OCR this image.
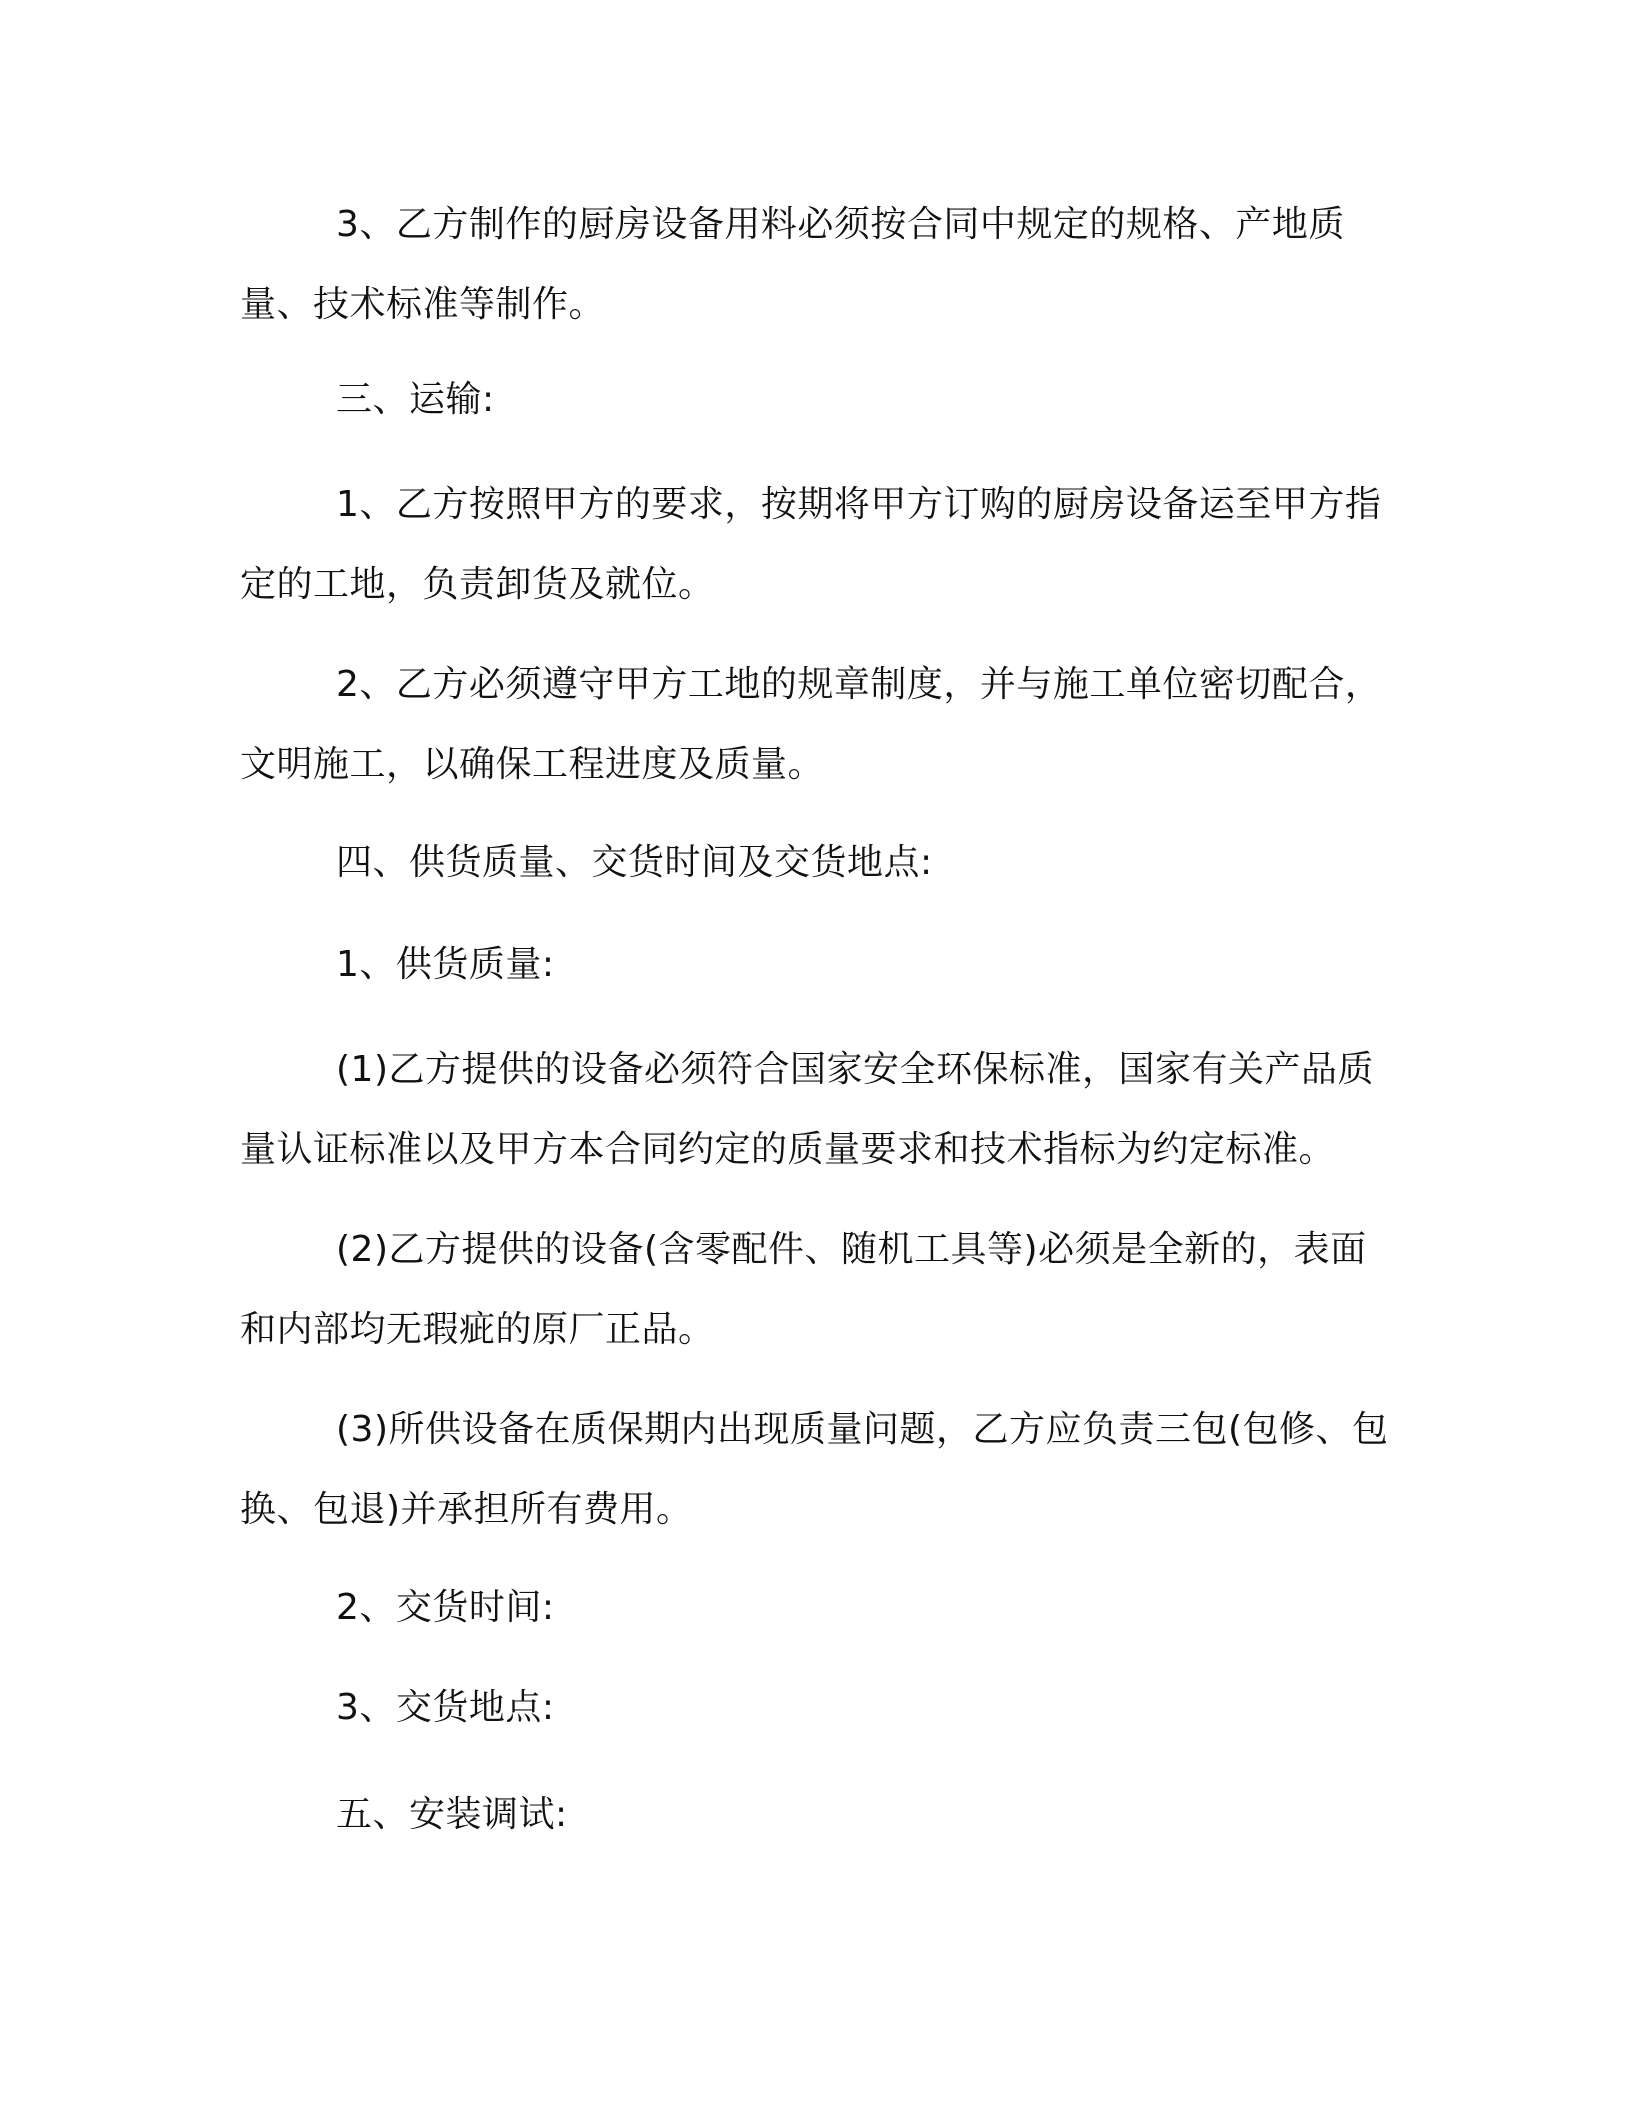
3、乙方制作的厨房设备用料必须按合同中规定的规格、产地质量、技术标准等制作。

三、运输:

1、乙方按照甲方的要求，按期将甲方订购的厨房设备运至甲方指定的工地，负责卸货及就位。

2、乙方必须遵守甲方工地的规章制度，并与施工单位密切配合，文明施工，以确保工程进度及质量。

四、供货质量、交货时间及交货地点:

1、供货质量:

(1)乙方提供的设备必须符合国家安全环保标准，国家有关产品质量认证标准以及甲方本合同约定的质量要求和技术指标为约定标准。

(2)乙方提供的设备(含零配件、随机工具等)必须是全新的，表面和内部均无瑕疵的原厂正品。

(3)所供设备在质保期内出现质量问题，乙方应负责三包(包修、包换、包退)并承担所有费用。

2、交货时间:

3、交货地点:

五、安装调试:
